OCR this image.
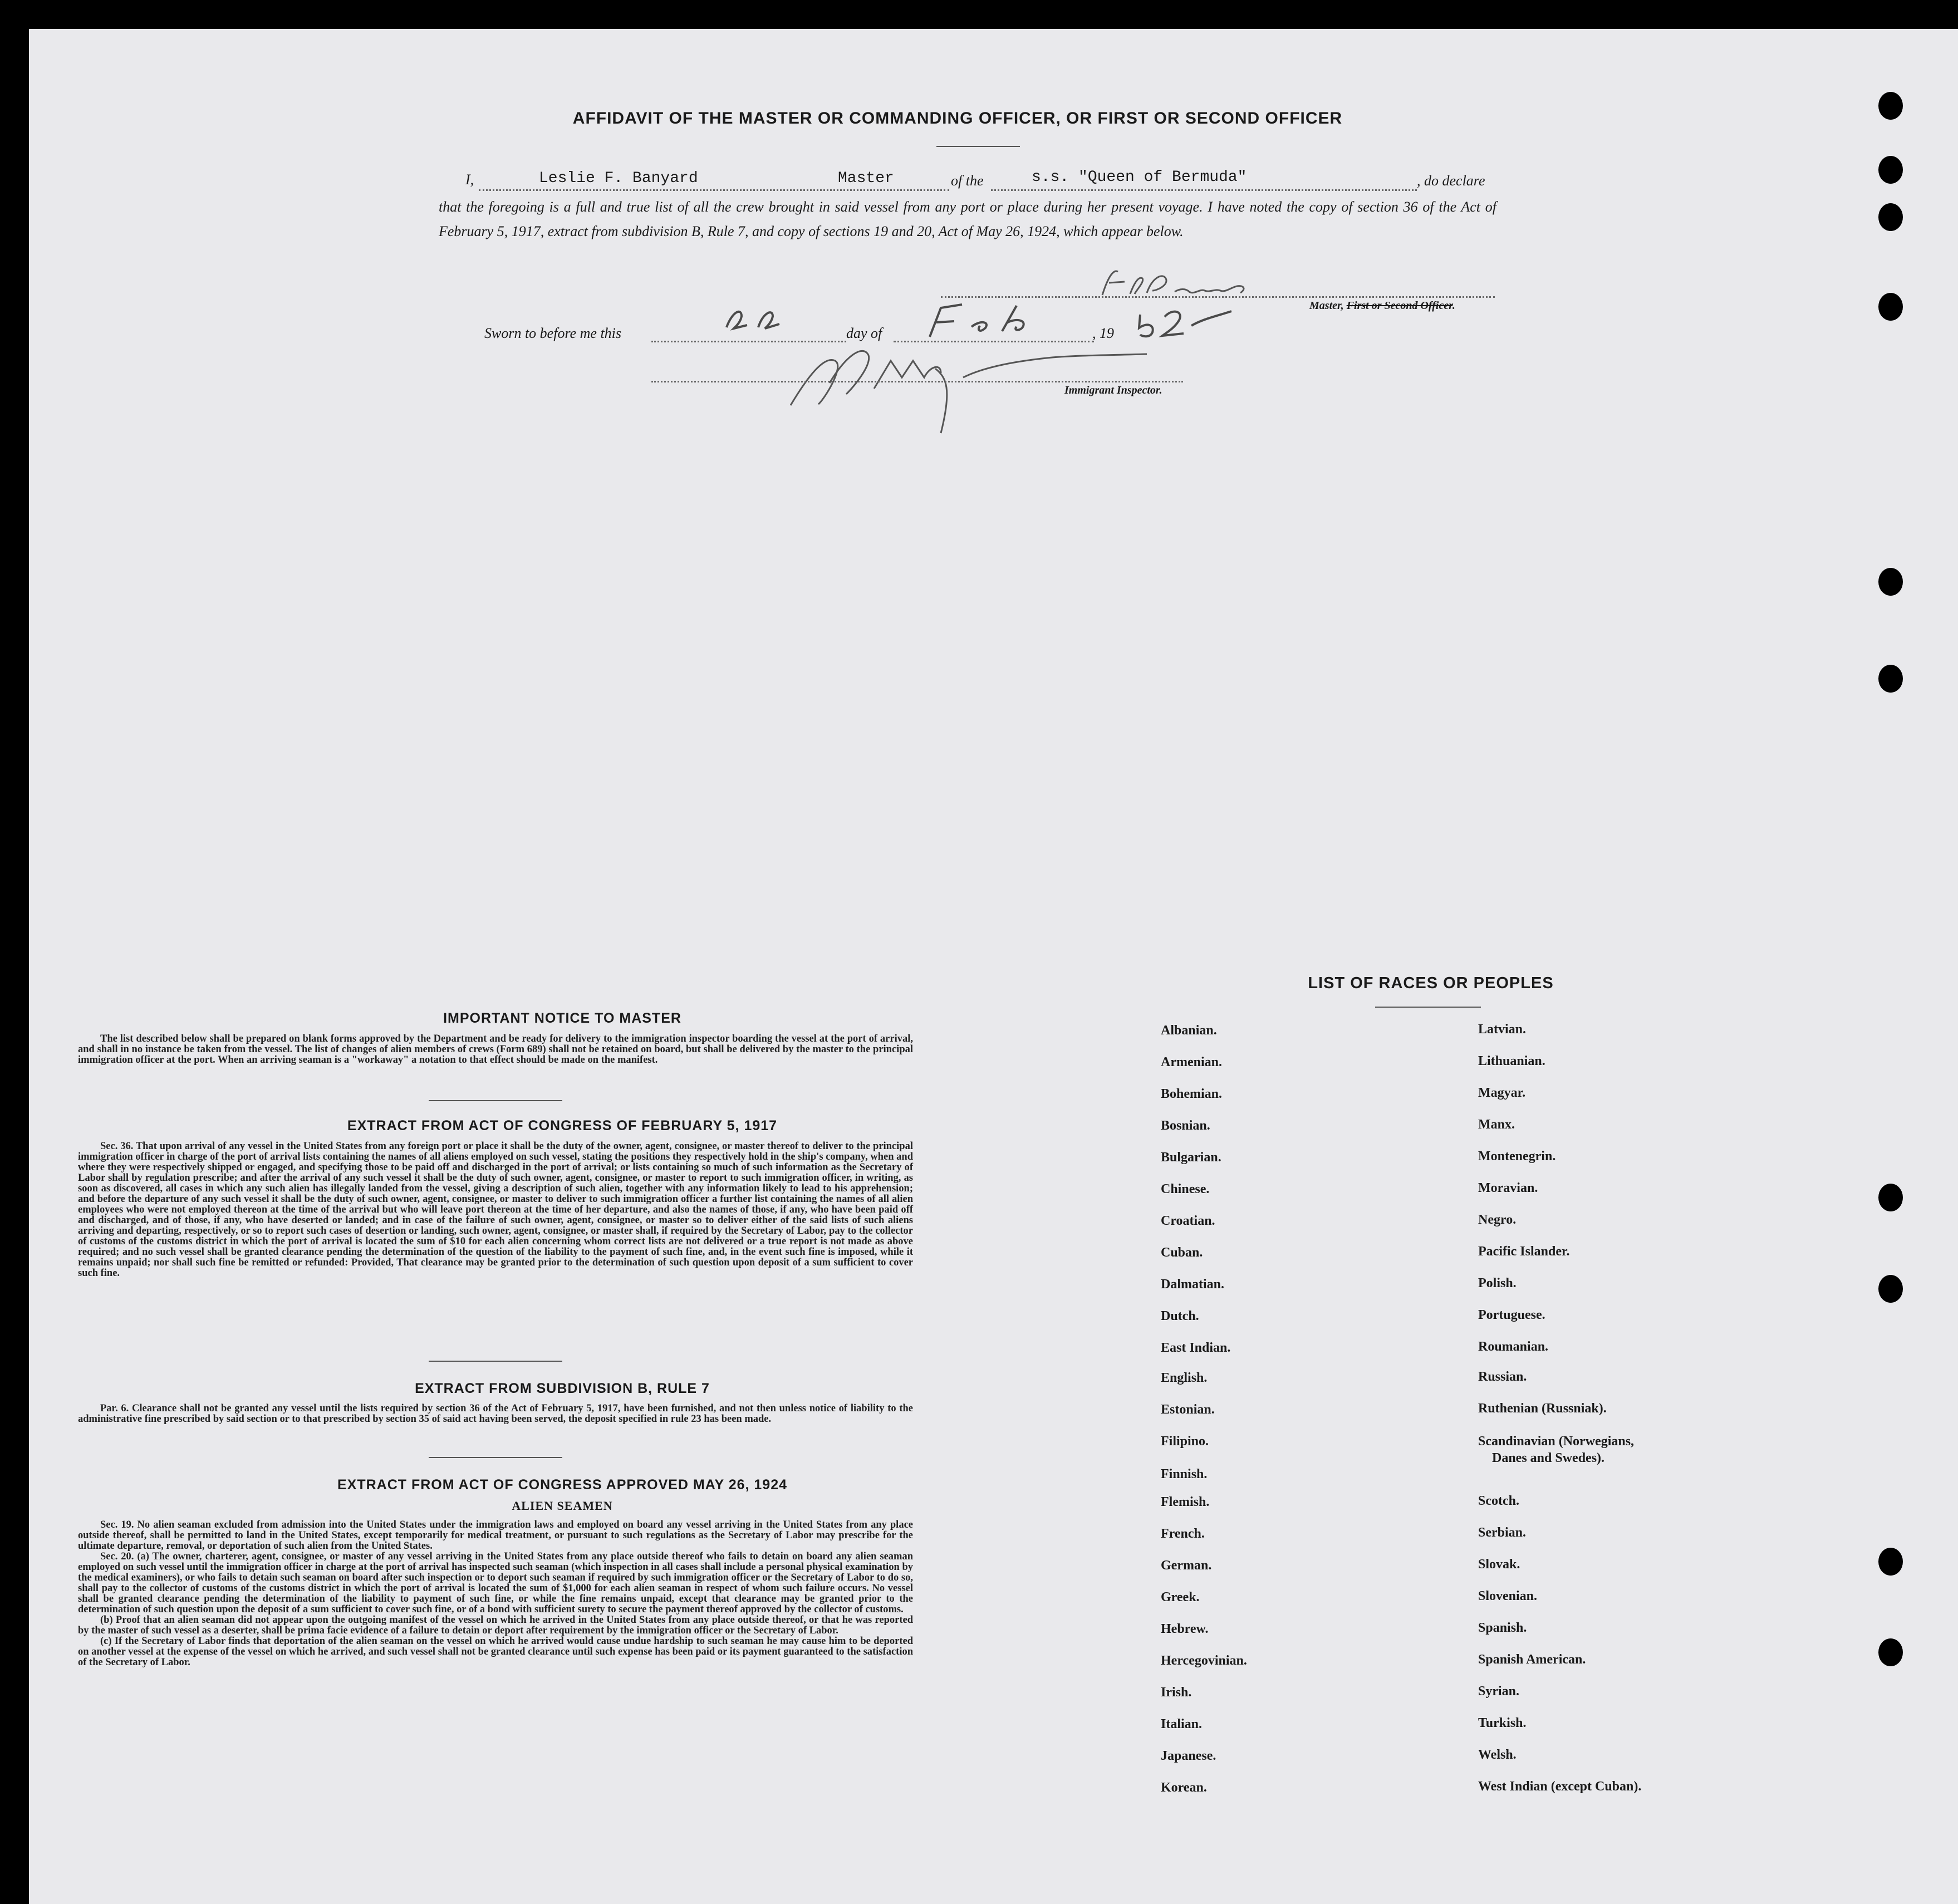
AFFIDAVIT OF THE MASTER OR COMMANDING OFFICER, OR FIRST OR SECOND OFFICER
I,	Leslie F. Banyard	Master	of the	s.s. "Queen of Bermuda"	, do declare
that the foregoing is a full and true list of all the crew brought in said vessel from any port or place during her present voyage. I have noted the copy of section 36 of the Act of February 5, 1917, extract from subdivision B, Rule 7, and copy of sections 19 and 20, Act of May 26, 1924, which appear below.
Master, First or Second Officer.
Sworn to before me this	day of	, 19
Immigrant Inspector.
IMPORTANT NOTICE TO MASTER

The list described below shall be prepared on blank forms approved by the Department and be ready for delivery to the immigration inspector boarding the vessel at the port of arrival, and shall in no instance be taken from the vessel. The list of changes of alien members of crews (Form 689) shall not be retained on board, but shall be delivered by the master to the principal immigration officer at the port. When an arriving seaman is a "workaway" a notation to that effect should be made on the manifest.

EXTRACT FROM ACT OF CONGRESS OF FEBRUARY 5, 1917

Sec. 36. That upon arrival of any vessel in the United States from any foreign port or place it shall be the duty of the owner, agent, consignee, or master thereof to deliver to the principal immigration officer in charge of the port of arrival lists containing the names of all aliens employed on such vessel, stating the positions they respectively hold in the ship's company, when and where they were respectively shipped or engaged, and specifying those to be paid off and discharged in the port of arrival; or lists containing so much of such information as the Secretary of Labor shall by regulation prescribe; and after the arrival of any such vessel it shall be the duty of such owner, agent, consignee, or master to report to such immigration officer, in writing, as soon as discovered, all cases in which any such alien has illegally landed from the vessel, giving a description of such alien, together with any information likely to lead to his apprehension; and before the departure of any such vessel it shall be the duty of such owner, agent, consignee, or master to deliver to such immigration officer a further list containing the names of all alien employees who were not employed thereon at the time of the arrival but who will leave port thereon at the time of her departure, and also the names of those, if any, who have been paid off and discharged, and of those, if any, who have deserted or landed; and in case of the failure of such owner, agent, consignee, or master so to deliver either of the said lists of such aliens arriving and departing, respectively, or so to report such cases of desertion or landing, such owner, agent, consignee, or master shall, if required by the Secretary of Labor, pay to the collector of customs of the customs district in which the port of arrival is located the sum of $10 for each alien concerning whom correct lists are not delivered or a true report is not made as above required; and no such vessel shall be granted clearance pending the determination of the question of the liability to the payment of such fine, and, in the event such fine is imposed, while it remains unpaid; nor shall such fine be remitted or refunded: Provided, That clearance may be granted prior to the determination of such question upon deposit of a sum sufficient to cover such fine.

EXTRACT FROM SUBDIVISION B, RULE 7

Par. 6. Clearance shall not be granted any vessel until the lists required by section 36 of the Act of February 5, 1917, have been furnished, and not then unless notice of liability to the administrative fine prescribed by said section or to that prescribed by section 35 of said act having been served, the deposit specified in rule 23 has been made.

EXTRACT FROM ACT OF CONGRESS APPROVED MAY 26, 1924
ALIEN SEAMEN

Sec. 19. No alien seaman excluded from admission into the United States under the immigration laws and employed on board any vessel arriving in the United States from any place outside thereof, shall be permitted to land in the United States, except temporarily for medical treatment, or pursuant to such regulations as the Secretary of Labor may prescribe for the ultimate departure, removal, or deportation of such alien from the United States.

Sec. 20. (a) The owner, charterer, agent, consignee, or master of any vessel arriving in the United States from any place outside thereof who fails to detain on board any alien seaman employed on such vessel until the immigration officer in charge at the port of arrival has inspected such seaman (which inspection in all cases shall include a personal physical examination by the medical examiners), or who fails to detain such seaman on board after such inspection or to deport such seaman if required by such immigration officer or the Secretary of Labor to do so, shall pay to the collector of customs of the customs district in which the port of arrival is located the sum of $1,000 for each alien seaman in respect of whom such failure occurs. No vessel shall be granted clearance pending the determination of the liability to payment of such fine, or while the fine remains unpaid, except that clearance may be granted prior to the determination of such question upon the deposit of a sum sufficient to cover such fine, or of a bond with sufficient surety to secure the payment thereof approved by the collector of customs.

(b) Proof that an alien seaman did not appear upon the outgoing manifest of the vessel on which he arrived in the United States from any place outside thereof, or that he was reported by the master of such vessel as a deserter, shall be prima facie evidence of a failure to detain or deport after requirement by the immigration officer or the Secretary of Labor.

(c) If the Secretary of Labor finds that deportation of the alien seaman on the vessel on which he arrived would cause undue hardship to such seaman he may cause him to be deported on another vessel at the expense of the vessel on which he arrived, and such vessel shall not be granted clearance until such expense has been paid or its payment guaranteed to the satisfaction of the Secretary of Labor.

LIST OF RACES OR PEOPLES
Albanian.
Armenian.
Bohemian.
Bosnian.
Bulgarian.
Chinese.
Croatian.
Cuban.
Dalmatian.
Dutch.
East Indian.
English.
Estonian.
Filipino.
Finnish.
Flemish.
French.
German.
Greek.
Hebrew.
Hercegovinian.
Irish.
Italian.
Japanese.
Korean.
Latvian.
Lithuanian.
Magyar.
Manx.
Montenegrin.
Moravian.
Negro.
Pacific Islander.
Polish.
Portuguese.
Roumanian.
Russian.
Ruthenian (Russniak).
Scandinavian (Norwegians,
Danes and Swedes).
Scotch.
Serbian.
Slovak.
Slovenian.
Spanish.
Spanish American.
Syrian.
Turkish.
Welsh.
West Indian (except Cuban).
